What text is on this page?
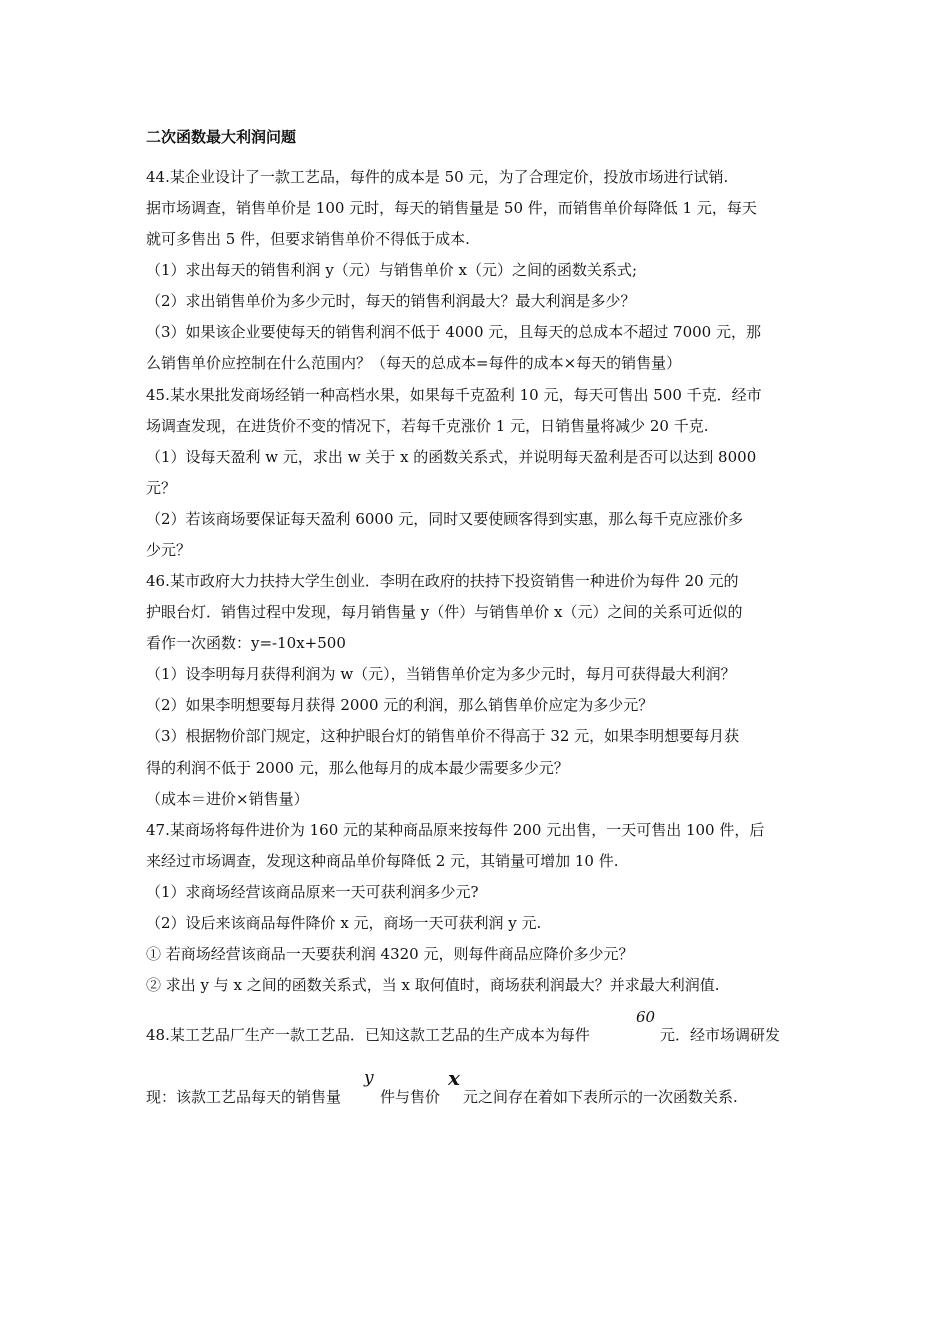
二次函数最大利润问题
44.某企业设计了一款工艺品，每件的成本是 50 元，为了合理定价，投放市场进行试销.
据市场调查，销售单价是 100 元时，每天的销售量是 50 件，而销售单价每降低 1 元，每天
就可多售出 5 件，但要求销售单价不得低于成本.
（1）求出每天的销售利润 y（元）与销售单价 x（元）之间的函数关系式;
（2）求出销售单价为多少元时，每天的销售利润最大？最大利润是多少？
（3）如果该企业要使每天的销售利润不低于 4000 元，且每天的总成本不超过 7000 元，那
么销售单价应控制在什么范围内？（每天的总成本=每件的成本×每天的销售量）
45.某水果批发商场经销一种高档水果，如果每千克盈利 10 元，每天可售出 500 千克．经市
场调查发现，在进货价不变的情况下，若每千克涨价 1 元，日销售量将减少 20 千克.
（1）设每天盈利 w 元，求出 w 关于 x 的函数关系式，并说明每天盈利是否可以达到 8000
元？
（2）若该商场要保证每天盈利 6000 元，同时又要使顾客得到实惠，那么每千克应涨价多
少元？
46.某市政府大力扶持大学生创业．李明在政府的扶持下投资销售一种进价为每件 20 元的
护眼台灯．销售过程中发现，每月销售量 y（件）与销售单价 x（元）之间的关系可近似的
看作一次函数：y=-10x+500
（1）设李明每月获得利润为 w（元），当销售单价定为多少元时，每月可获得最大利润？
（2）如果李明想要每月获得 2000 元的利润，那么销售单价应定为多少元？
（3）根据物价部门规定，这种护眼台灯的销售单价不得高于 32 元，如果李明想要每月获
得的利润不低于 2000 元，那么他每月的成本最少需要多少元？
（成本＝进价×销售量）
47.某商场将每件进价为 160 元的某种商品原来按每件 200 元出售，一天可售出 100 件，后
来经过市场调查，发现这种商品单价每降低 2 元，其销量可增加 10 件.
（1）求商场经营该商品原来一天可获利润多少元?
（2）设后来该商品每件降价 x 元，商场一天可获利润 y 元.
① 若商场经营该商品一天要获利润 4320 元，则每件商品应降价多少元？
② 求出 y 与 x 之间的函数关系式，当 x 取何值时，商场获利润最大？并求最大利润值.
48.某工艺品厂生产一款工艺品．已知这款工艺品的生产成本为每件
60
元．经市场调研发
现：该款工艺品每天的销售量
y
件与售价
x
元之间存在着如下表所示的一次函数关系.
